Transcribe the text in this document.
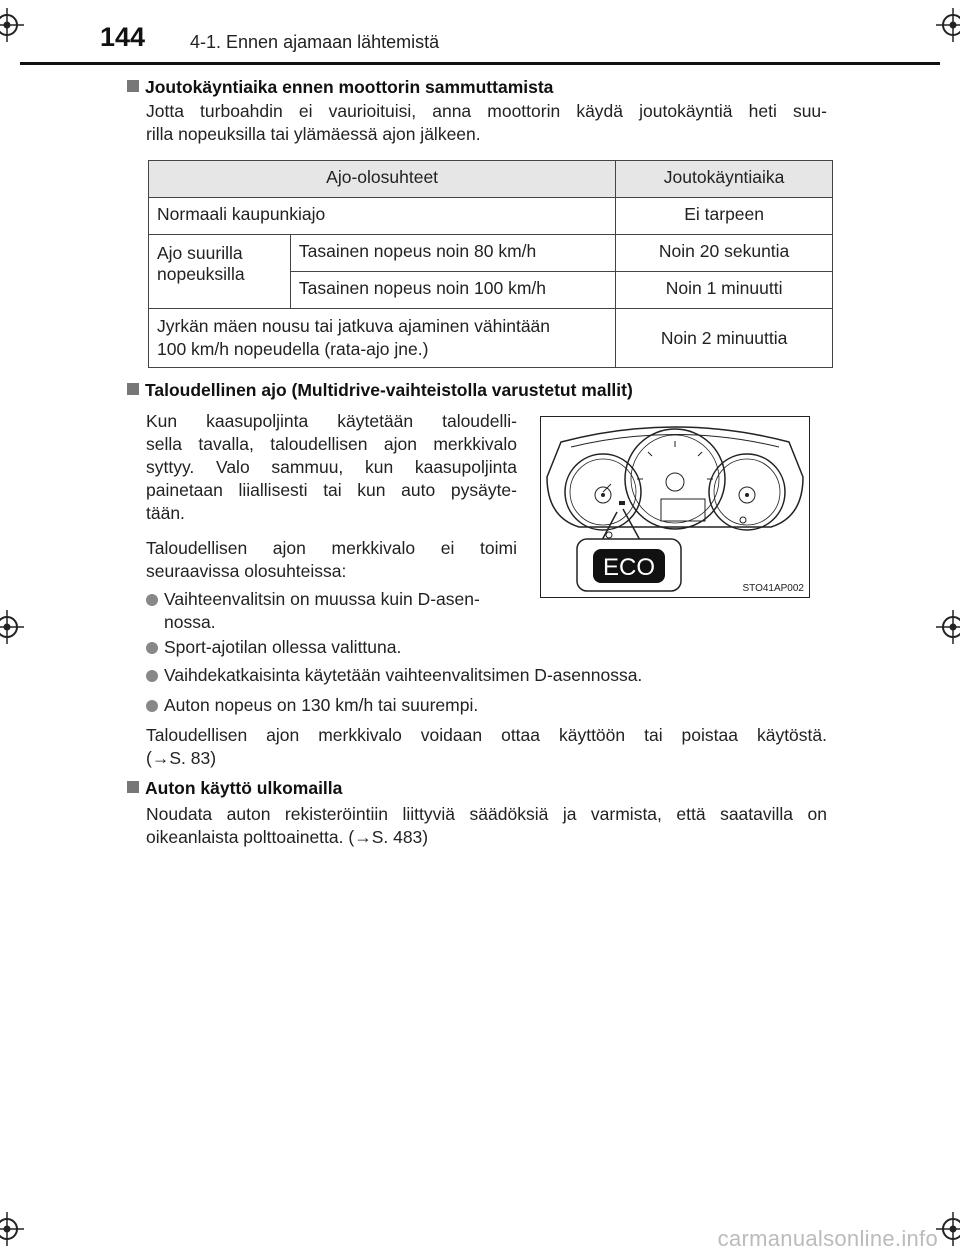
144 4-1. Ennen ajamaan lähtemistä
Joutokäyntiaika ennen moottorin sammuttamista
Jotta turboahdin ei vaurioituisi, anna moottorin käydä joutokäyntiä heti suu-
rilla nopeuksilla tai ylämäessä ajon jälkeen.
Ajo-olosuhteet		Joutokäyntiaika
Normaali kaupunkiajo		Ei tarpeen

Ajo suurilla
nopeuksilla	Tasainen nopeus noin 80 km/h	Noin 20 sekuntia
	Tasainen nopeus noin 100 km/h	Noin 1 minuutti

Jyrkän mäen nousu tai jatkuva ajaminen vähintään
100 km/h nopeudella (rata-ajo jne.)		Noin 2 minuuttia
Taloudellinen ajo (Multidrive-vaihteistolla varustetut mallit)
Kun kaasupoljinta käytetään taloudelli-
sella tavalla, taloudellisen ajon merkkivalo
syttyy. Valo sammuu, kun kaasupoljinta
painetaan liiallisesti tai kun auto pysäyte-
tään.
Taloudellisen ajon merkkivalo ei toimi
seuraavissa olosuhteissa:
Vaihteenvalitsin on muussa kuin D-asen-
nossa.
Sport-ajotilan ollessa valittuna.
Vaihdekatkaisinta käytetään vaihteenvalitsimen D-asennossa.
Auton nopeus on 130 km/h tai suurempi.
Taloudellisen ajon merkkivalo voidaan ottaa käyttöön tai poistaa käytöstä.
(→S. 83)
ECO
STO41AP002
Auton käyttö ulkomailla
Noudata auton rekisteröintiin liittyviä säädöksiä ja varmista, että saatavilla on
oikeanlaista polttoainetta. (→S. 483)
carmanualsonline.info
